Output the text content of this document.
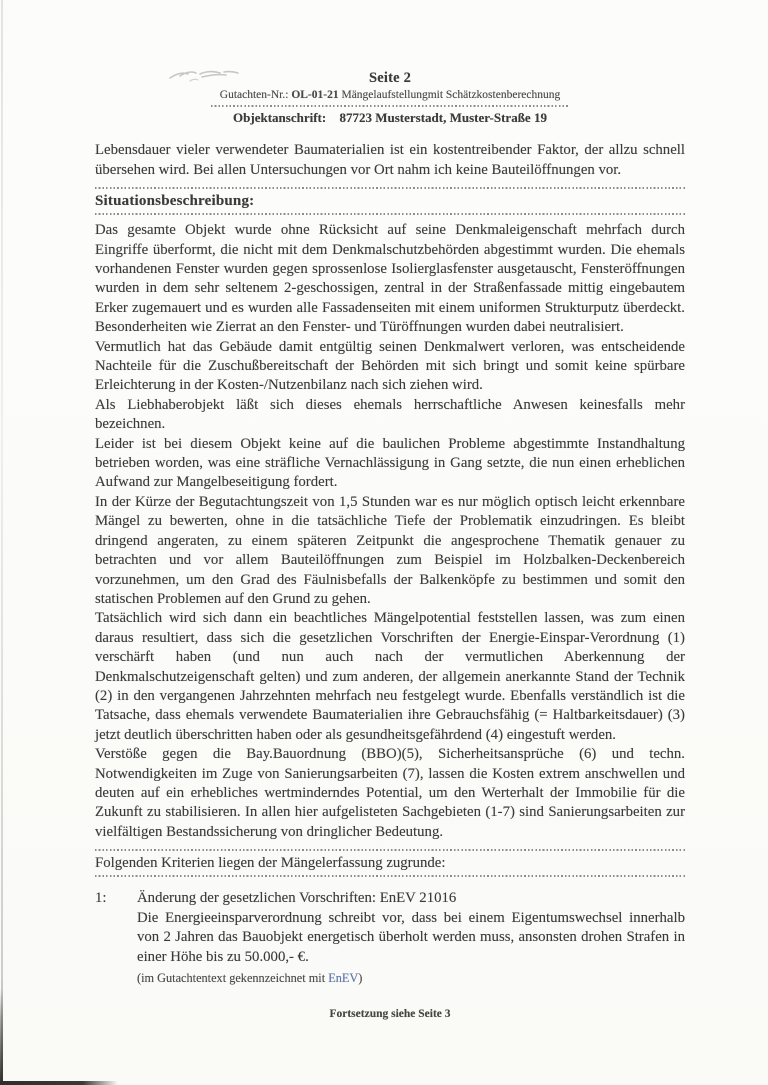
Seite 2
Gutachten-Nr.: OL-01-21 Mängelaufstellungmit Schätzkostenberechnung
Objektanschrift: 87723 Musterstadt, Muster-Straße 19

Lebensdauer vieler verwendeter Baumaterialien ist ein kostentreibender Faktor, der allzu schnell übersehen wird. Bei allen Untersuchungen vor Ort nahm ich keine Bauteilöffnungen vor.

Situationsbeschreibung:

Das gesamte Objekt wurde ohne Rücksicht auf seine Denkmaleigenschaft mehrfach durch Eingriffe überformt, die nicht mit dem Denkmalschutzbehörden abgestimmt wurden. Die ehemals vorhandenen Fenster wurden gegen sprossenlose Isolierglasfenster ausgetauscht, Fensteröffnungen wurden in dem sehr seltenem 2-geschossigen, zentral in der Straßenfassade mittig eingebautem Erker zugemauert und es wurden alle Fassadenseiten mit einem uniformen Strukturputz überdeckt. Besonderheiten wie Zierrat an den Fenster- und Türöffnungen wurden dabei neutralisiert.

Vermutlich hat das Gebäude damit entgültig seinen Denkmalwert verloren, was entscheidende Nachteile für die Zuschußbereitschaft der Behörden mit sich bringt und somit keine spürbare Erleichterung in der Kosten-/Nutzenbilanz nach sich ziehen wird.

Als Liebhaberobjekt läßt sich dieses ehemals herrschaftliche Anwesen keinesfalls mehr bezeichnen.

Leider ist bei diesem Objekt keine auf die baulichen Probleme abgestimmte Instandhaltung betrieben worden, was eine sträfliche Vernachlässigung in Gang setzte, die nun einen erheblichen Aufwand zur Mangelbeseitigung fordert.

In der Kürze der Begutachtungszeit von 1,5 Stunden war es nur möglich optisch leicht erkennbare Mängel zu bewerten, ohne in die tatsächliche Tiefe der Problematik einzudringen. Es bleibt dringend angeraten, zu einem späteren Zeitpunkt die angesprochene Thematik genauer zu betrachten und vor allem Bauteilöffnungen zum Beispiel im Holzbalken-Deckenbereich vorzunehmen, um den Grad des Fäulnisbefalls der Balkenköpfe zu bestimmen und somit den statischen Problemen auf den Grund zu gehen.

Tatsächlich wird sich dann ein beachtliches Mängelpotential feststellen lassen, was zum einen daraus resultiert, dass sich die gesetzlichen Vorschriften der Energie-Einspar-Verordnung (1) verschärft haben (und nun auch nach der vermutlichen Aberkennung der Denkmalschutzeigenschaft gelten) und zum anderen, der allgemein anerkannte Stand der Technik (2) in den vergangenen Jahrzehnten mehrfach neu festgelegt wurde. Ebenfalls verständlich ist die Tatsache, dass ehemals verwendete Baumaterialien ihre Gebrauchsfähig (= Haltbarkeitsdauer) (3) jetzt deutlich überschritten haben oder als gesundheitsgefährdend (4) eingestuft werden.

Verstöße gegen die Bay.Bauordnung (BBO)(5), Sicherheitsansprüche (6) und techn. Notwendigkeiten im Zuge von Sanierungsarbeiten (7), lassen die Kosten extrem anschwellen und deuten auf ein erhebliches wertminderndes Potential, um den Werterhalt der Immobilie für die Zukunft zu stabilisieren. In allen hier aufgelisteten Sachgebieten (1-7) sind Sanierungsarbeiten zur vielfältigen Bestandssicherung von dringlicher Bedeutung.

Folgenden Kriterien liegen der Mängelerfassung zugrunde:
1:	Änderung der gesetzlichen Vorschriften: EnEV 21016
Die Energieeinsparverordnung schreibt vor, dass bei einem Eigentumswechsel innerhalb von 2 Jahren das Bauobjekt energetisch überholt werden muss, ansonsten drohen Strafen in einer Höhe bis zu 50.000,- €.
(im Gutachtentext gekennzeichnet mit EnEV)
Fortsetzung siehe Seite 3
